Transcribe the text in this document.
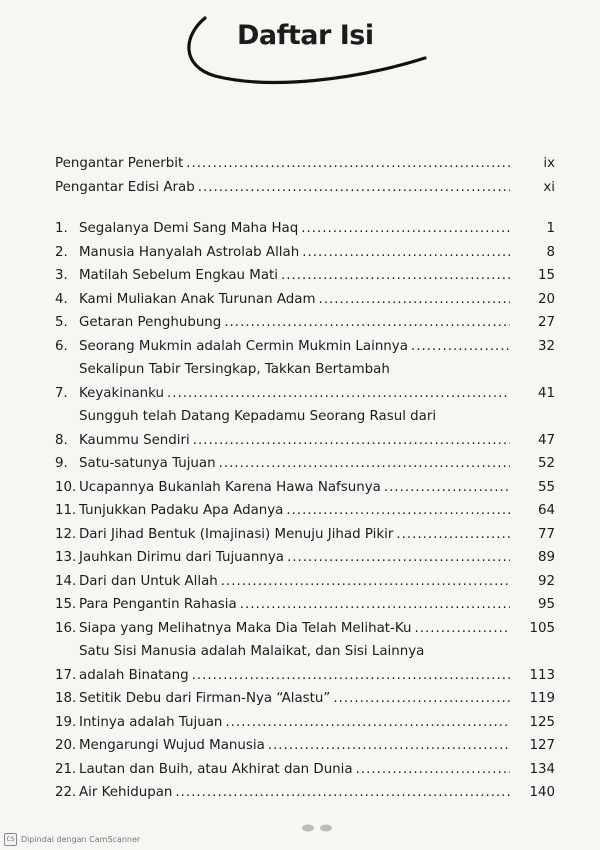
Daftar Isi
Pengantar Penerbit .....	ix
Pengantar Edisi Arab .....	xi
1. Segalanya Demi Sang Maha Haq .....	1
2. Manusia Hanyalah Astrolab Allah .....	8
3. Matilah Sebelum Engkau Mati .....	15
4. Kami Muliakan Anak Turunan Adam .....	20
5. Getaran Penghubung .....	27
6. Seorang Mukmin adalah Cermin Mukmin Lainnya .....	32
7.
Sekalipun Tabir Tersingkap, Takkan Bertambah
Keyakinanku .....	41
8.
Sungguh telah Datang Kepadamu Seorang Rasul dari
Kaummu Sendiri .....	47
9. Satu-satunya Tujuan .....	52
10. Ucapannya Bukanlah Karena Hawa Nafsunya .....	55
11. Tunjukkan Padaku Apa Adanya .....	64
12. Dari Jihad Bentuk (Imajinasi) Menuju Jihad Pikir .....	77
13. Jauhkan Dirimu dari Tujuannya .....	89
14. Dari dan Untuk Allah .....	92
15. Para Pengantin Rahasia .....	95
16. Siapa yang Melihatnya Maka Dia Telah Melihat-Ku .....	105
17.
Satu Sisi Manusia adalah Malaikat, dan Sisi Lainnya
adalah Binatang .....	113
18. Setitik Debu dari Firman-Nya “Alastu” .....	119
19. Intinya adalah Tujuan .....	125
20. Mengarungi Wujud Manusia .....	127
21. Lautan dan Buih, atau Akhirat dan Dunia .....	134
22. Air Kehidupan .....	140
CS Dipindai dengan CamScanner
